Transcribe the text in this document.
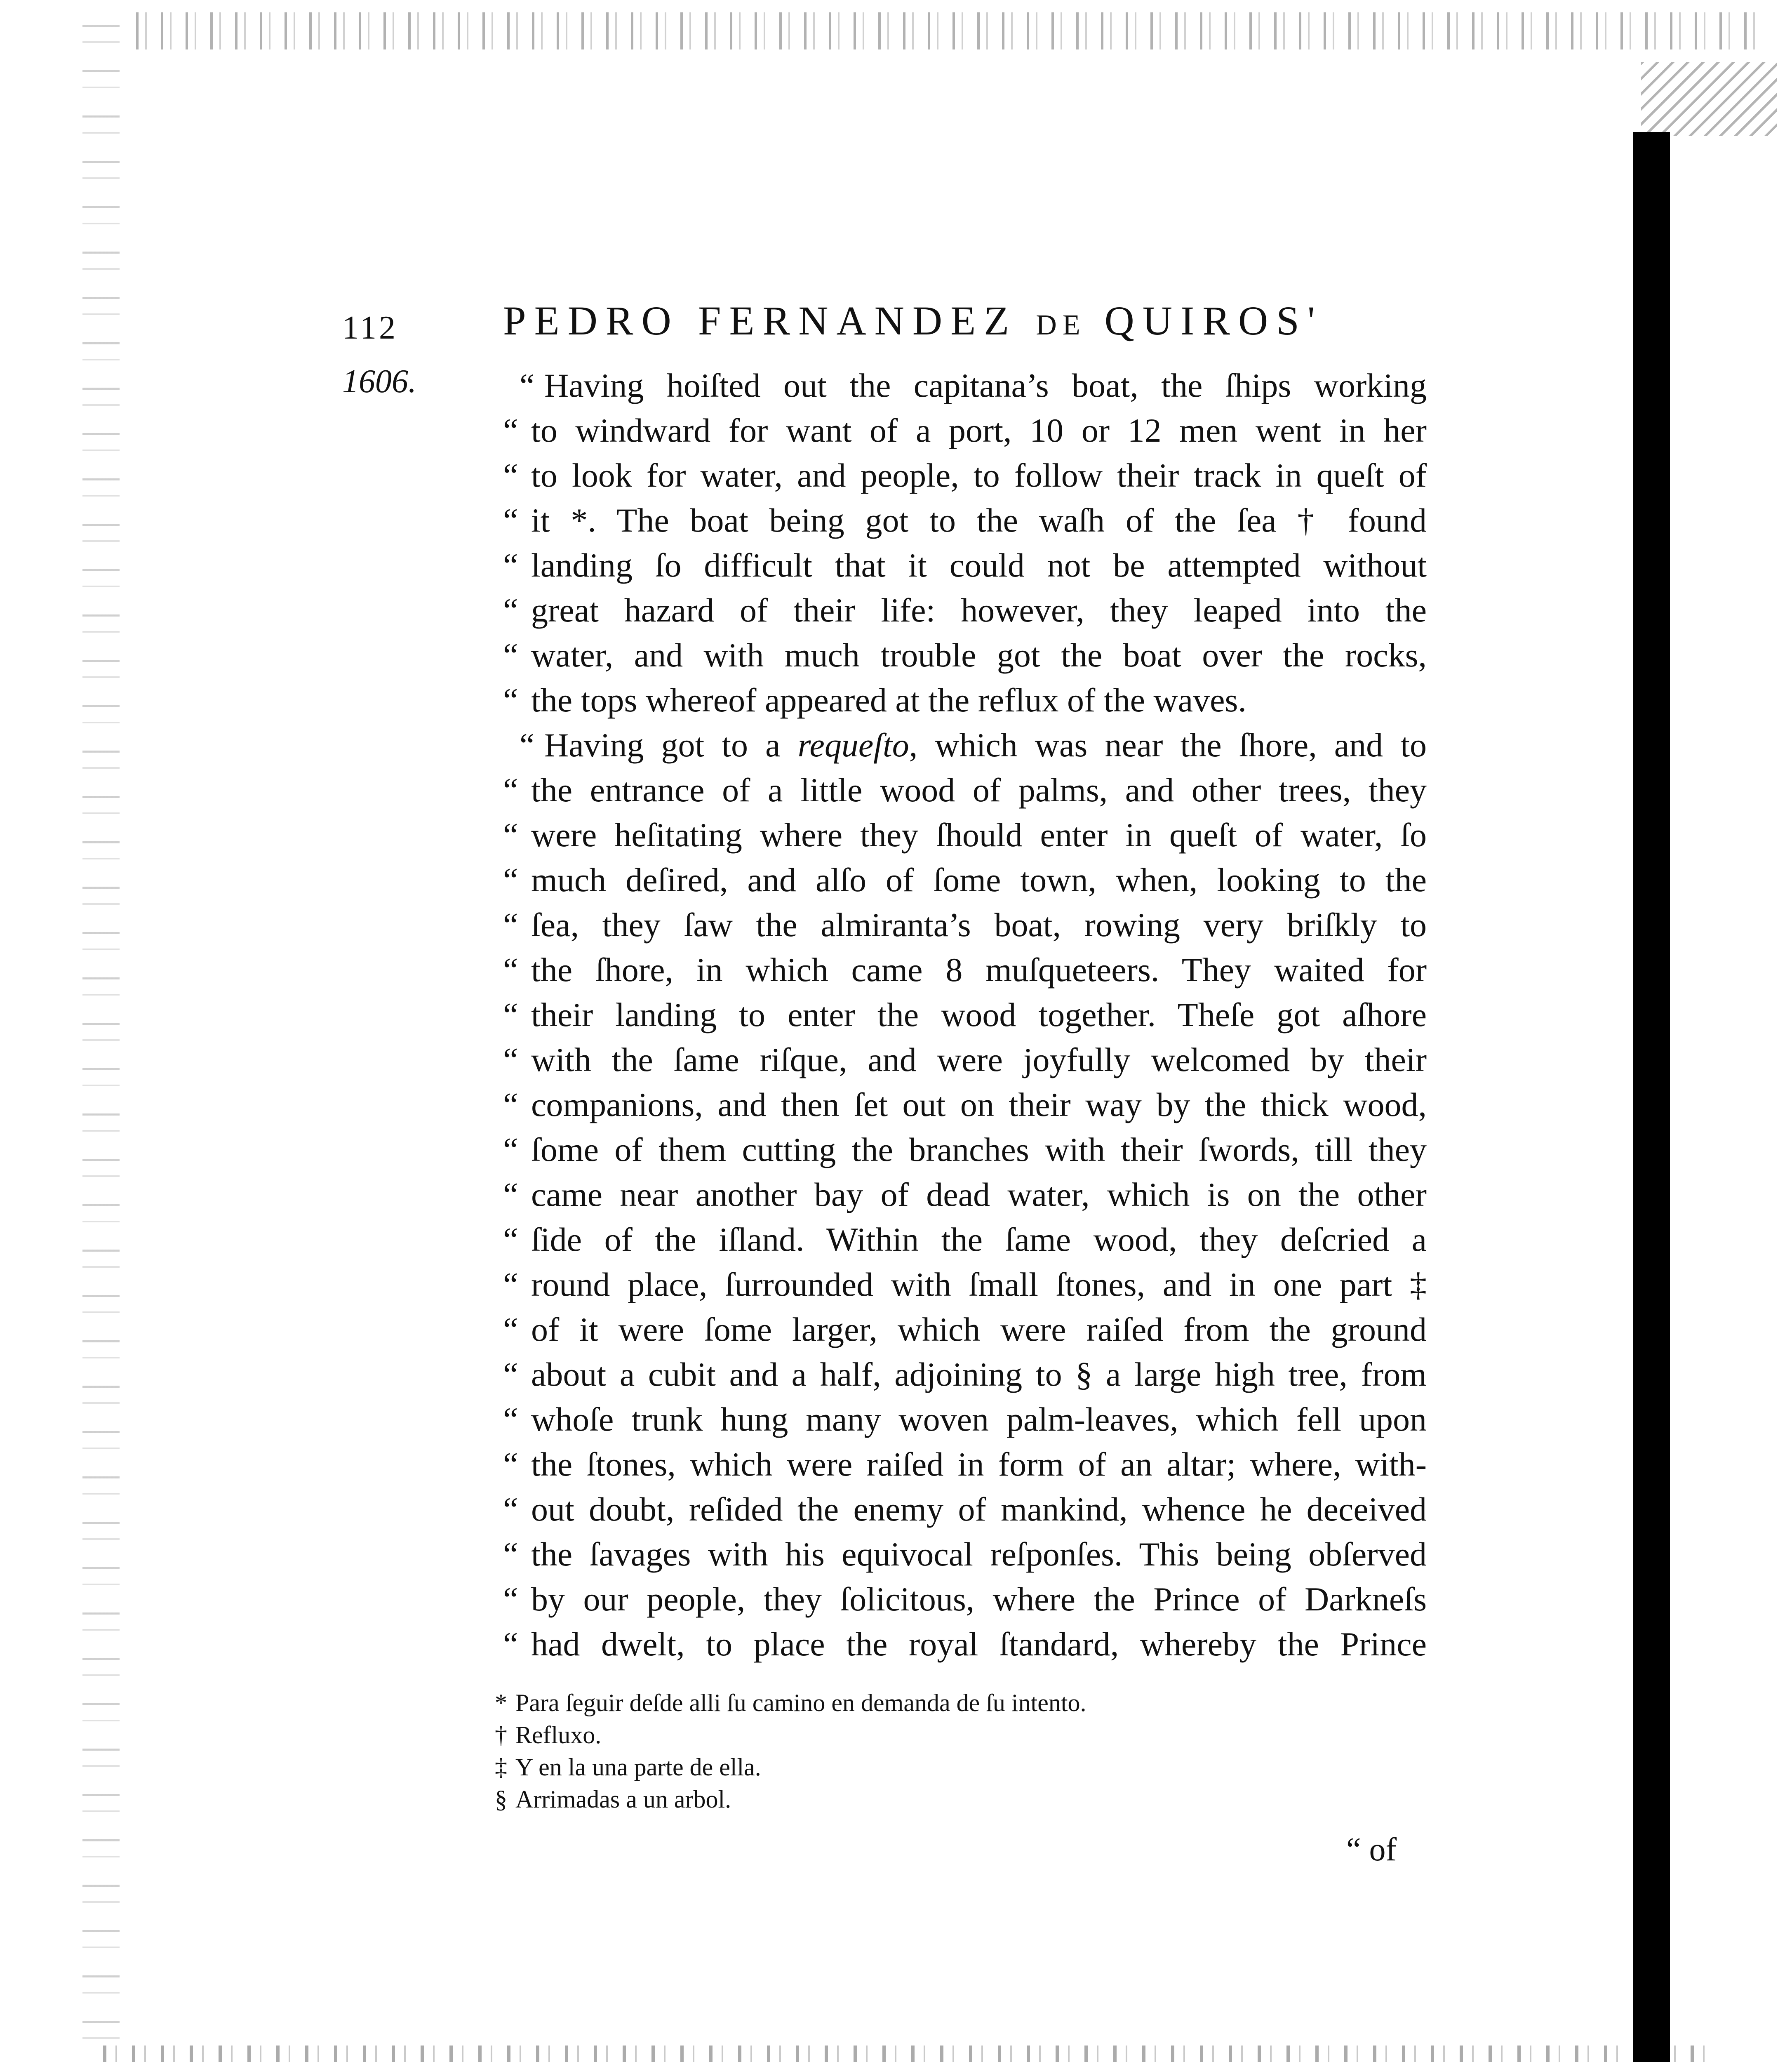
112	PEDRO FERNANDEZ DE QUIROS'
1606.	“ Having hoiſted out the capitana’s boat, the ſhips working
“ to windward for want of a port, 10 or 12 men went in her
“ to look for water, and people, to follow their track in queſt of
“ it *. The boat being got to the waſh of the ſea † found
“ landing ſo difficult that it could not be attempted without
“ great hazard of their life: however, they leaped into the
“ water, and with much trouble got the boat over the rocks,
“ the tops whereof appeared at the reflux of the waves.
“ Having got to a requeſto, which was near the ſhore, and to
“ the entrance of a little wood of palms, and other trees, they
“ were heſitating where they ſhould enter in queſt of water, ſo
“ much deſired, and alſo of ſome town, when, looking to the
“ ſea, they ſaw the almiranta’s boat, rowing very briſkly to
“ the ſhore, in which came 8 muſqueteers. They waited for
“ their landing to enter the wood together. Theſe got aſhore
“ with the ſame riſque, and were joyfully welcomed by their
“ companions, and then ſet out on their way by the thick wood,
“ ſome of them cutting the branches with their ſwords, till they
“ came near another bay of dead water, which is on the other
“ ſide of the iſland. Within the ſame wood, they deſcried a
“ round place, ſurrounded with ſmall ſtones, and in one part ‡
“ of it were ſome larger, which were raiſed from the ground
“ about a cubit and a half, adjoining to § a large high tree, from
“ whoſe trunk hung many woven palm-leaves, which fell upon
“ the ſtones, which were raiſed in form of an altar; where, with-
“ out doubt, reſided the enemy of mankind, whence he deceived
“ the ſavages with his equivocal reſponſes. This being obſerved
“ by our people, they ſolicitous, where the Prince of Darkneſs
“ had dwelt, to place the royal ſtandard, whereby the Prince
* Para ſeguir deſde alli ſu camino en demanda de ſu intento.
† Refluxo.
‡ Y en la una parte de ella.
§ Arrimadas a un arbol.
“ of
